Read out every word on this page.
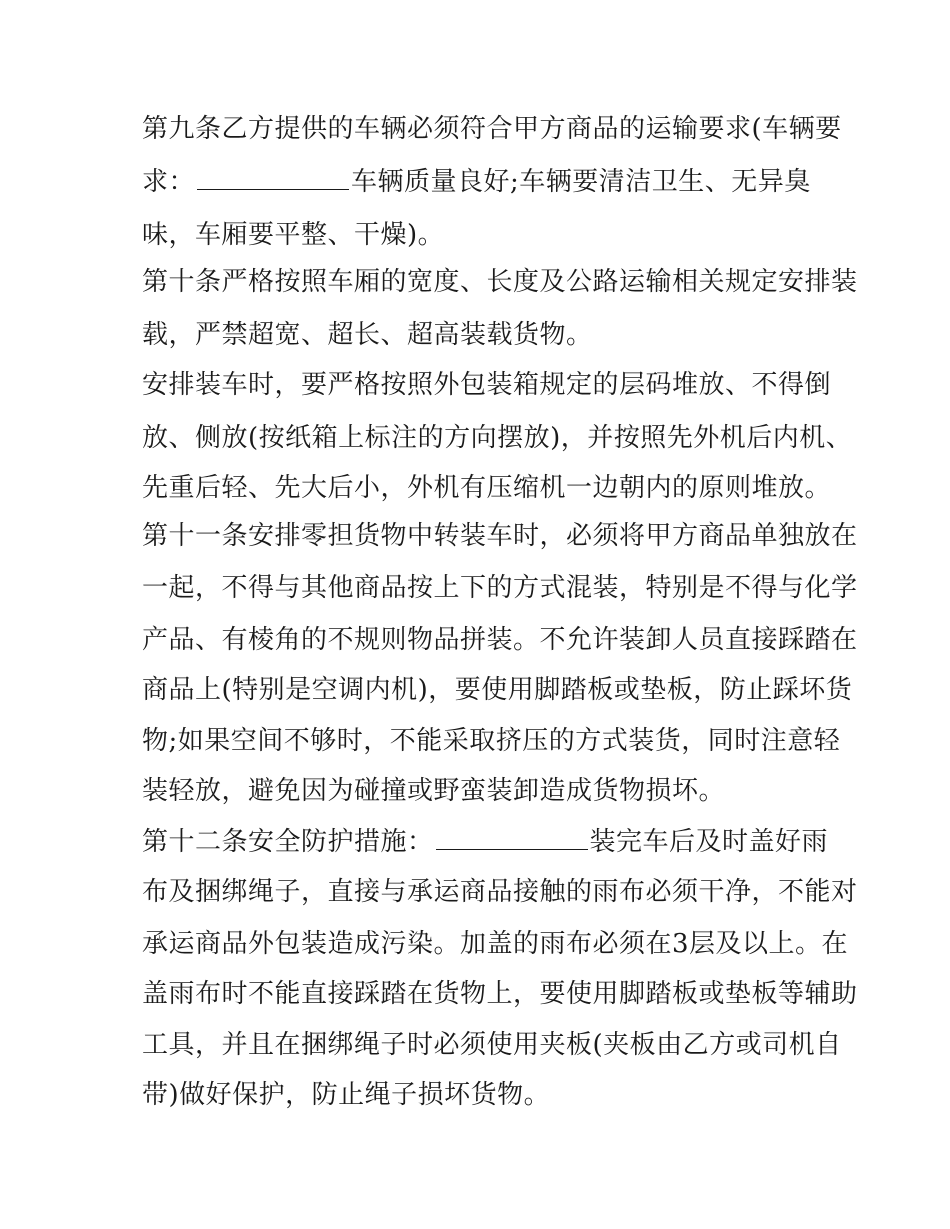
第九条乙方提供的车辆必须符合甲方商品的运输要求(车辆要
求：	车辆质量良好;车辆要清洁卫生、无异臭
味，车厢要平整、干燥)。
第十条严格按照车厢的宽度、长度及公路运输相关规定安排装
载，严禁超宽、超长、超高装载货物。
安排装车时，要严格按照外包装箱规定的层码堆放、不得倒
放、侧放(按纸箱上标注的方向摆放)，并按照先外机后内机、
先重后轻、先大后小，外机有压缩机一边朝内的原则堆放。
第十一条安排零担货物中转装车时，必须将甲方商品单独放在
一起，不得与其他商品按上下的方式混装，特别是不得与化学
产品、有棱角的不规则物品拼装。不允许装卸人员直接踩踏在
商品上(特别是空调内机)，要使用脚踏板或垫板，防止踩坏货
物;如果空间不够时，不能采取挤压的方式装货，同时注意轻
装轻放，避免因为碰撞或野蛮装卸造成货物损坏。
第十二条安全防护措施：	装完车后及时盖好雨
布及捆绑绳子，直接与承运商品接触的雨布必须干净，不能对
承运商品外包装造成污染。加盖的雨布必须在3层及以上。在
盖雨布时不能直接踩踏在货物上，要使用脚踏板或垫板等辅助
工具，并且在捆绑绳子时必须使用夹板(夹板由乙方或司机自
带)做好保护，防止绳子损坏货物。
